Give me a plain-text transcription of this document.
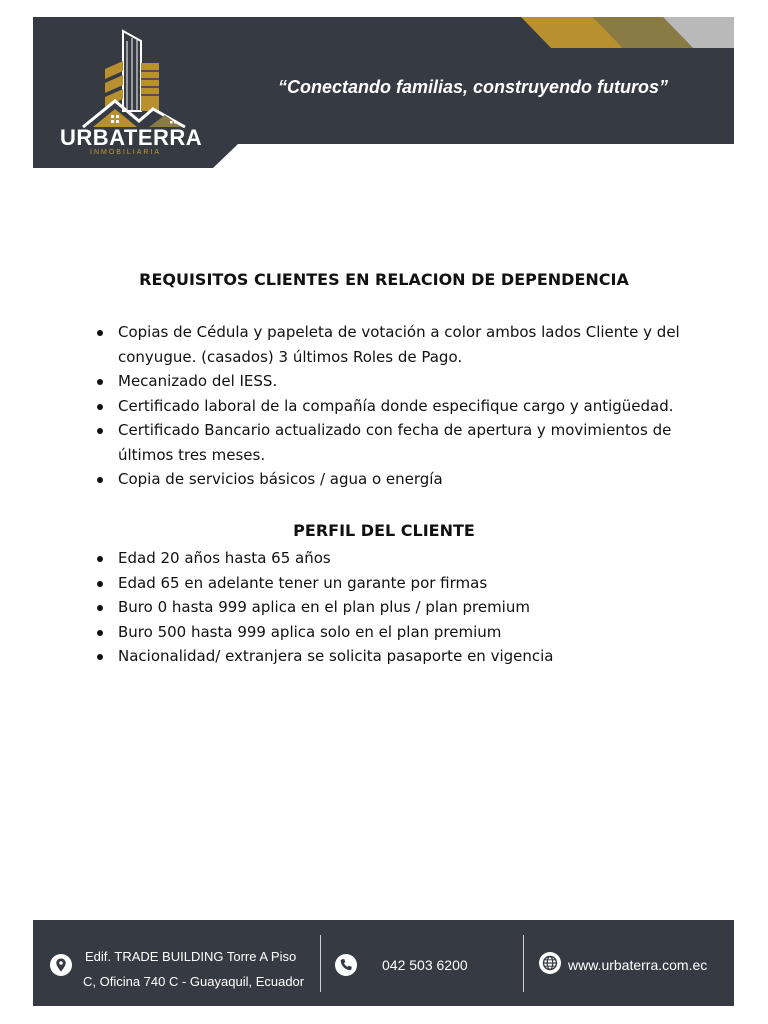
URBATERRA
INMOBILIARIA
“Conectando familias, construyendo futuros”
REQUISITOS CLIENTES EN RELACION DE DEPENDENCIA
Copias de Cédula y papeleta de votación a color ambos lados Cliente y del conyugue. (casados) 3 últimos Roles de Pago.
Mecanizado del IESS.
Certificado laboral de la compañía donde especifique cargo y antigüedad.
Certificado Bancario actualizado con fecha de apertura y movimientos de últimos tres meses.
Copia de servicios básicos / agua o energía
PERFIL DEL CLIENTE
Edad 20 años hasta 65 años
Edad 65 en adelante tener un garante por firmas
Buro 0 hasta 999 aplica en el plan plus / plan premium
Buro 500 hasta 999 aplica solo en el plan premium
Nacionalidad/ extranjera se solicita pasaporte en vigencia
Edif. TRADE BUILDING Torre A Piso
C, Oficina 740 C - Guayaquil, Ecuador
042 503 6200	www.urbaterra.com.ec
